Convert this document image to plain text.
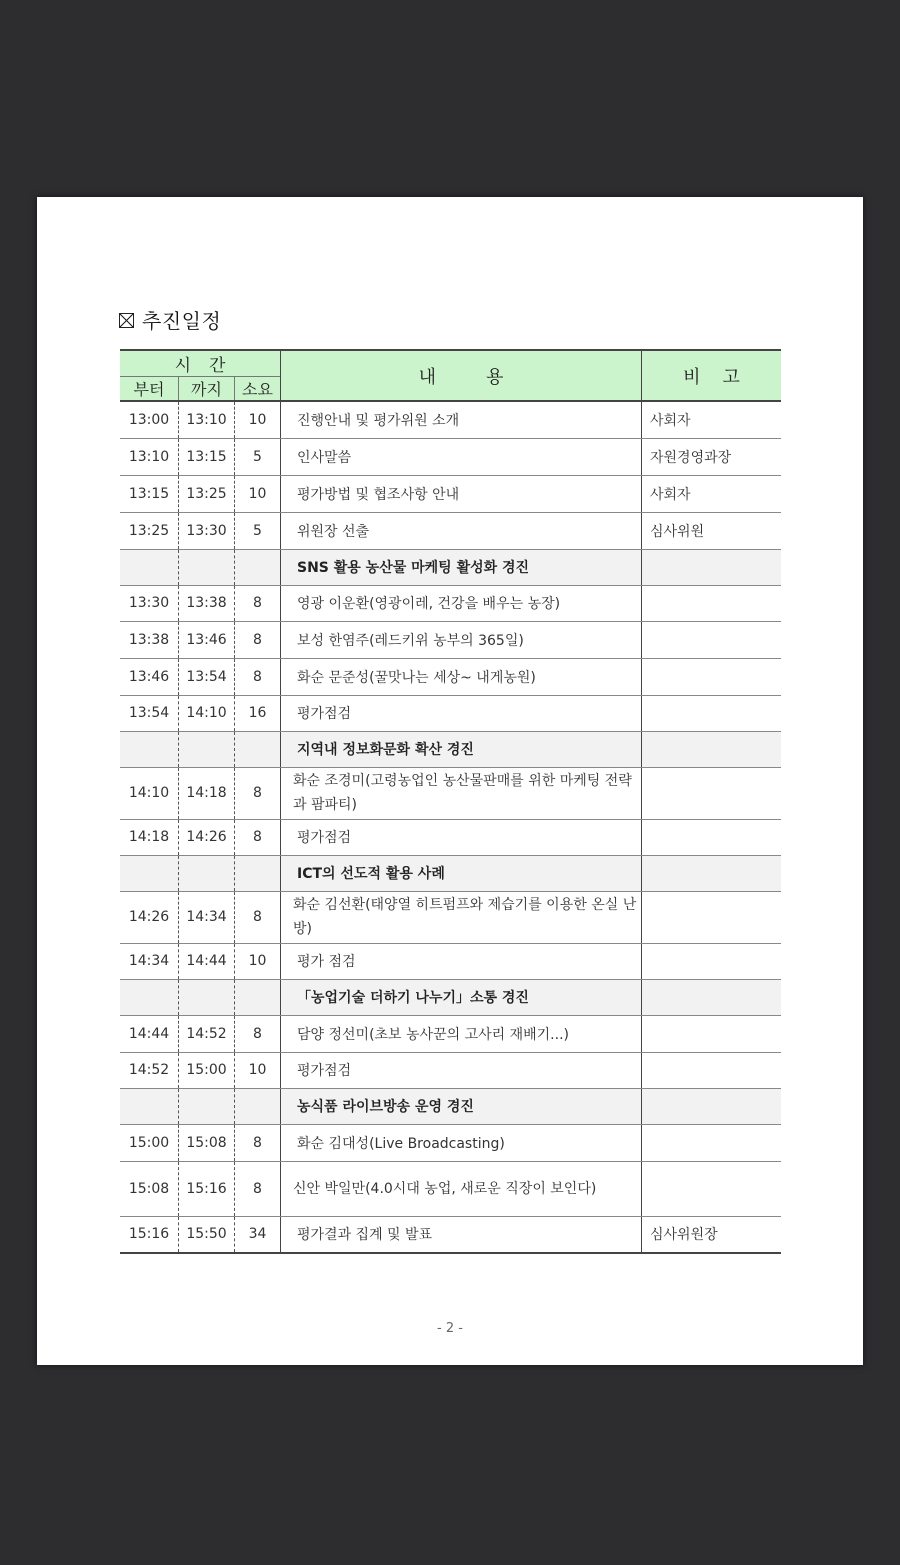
추진일정
시간			내용	비고
부터	까지	소요		
13:00	13:10	10	진행안내 및 평가위원 소개	사회자
13:10	13:15	5	인사말씀	자원경영과장
13:15	13:25	10	평가방법 및 협조사항 안내	사회자
13:25	13:30	5	위원장 선출	심사위원
			SNS 활용 농산물 마케팅 활성화 경진	
13:30	13:38	8	영광 이운환(영광이레, 건강을 배우는 농장)	
13:38	13:46	8	보성 한염주(레드키위 농부의 365일)	
13:46	13:54	8	화순 문준성(꿀맛나는 세상~ 내게농원)	
13:54	14:10	16	평가점검	
			지역내 정보화문화 확산 경진	
14:10	14:18	8	화순 조경미(고령농업인 농산물판매를 위한 마케팅 전략과 팜파티)	
14:18	14:26	8	평가점검	
			ICT의 선도적 활용 사례	
14:26	14:34	8	화순 김선환(태양열 히트펌프와 제습기를 이용한 온실 난방)	
14:34	14:44	10	평가 점검	
			「농업기술 더하기 나누기」소통 경진	
14:44	14:52	8	담양 정선미(초보 농사꾼의 고사리 재배기...)	
14:52	15:00	10	평가점검	
			농식품 라이브방송 운영 경진	
15:00	15:08	8	화순 김대성(Live Broadcasting)	
15:08	15:16	8	신안 박일만(4.0시대 농업, 새로운 직장이 보인다)	
15:16	15:50	34	평가결과 집계 및 발표	심사위원장
- 2 -
